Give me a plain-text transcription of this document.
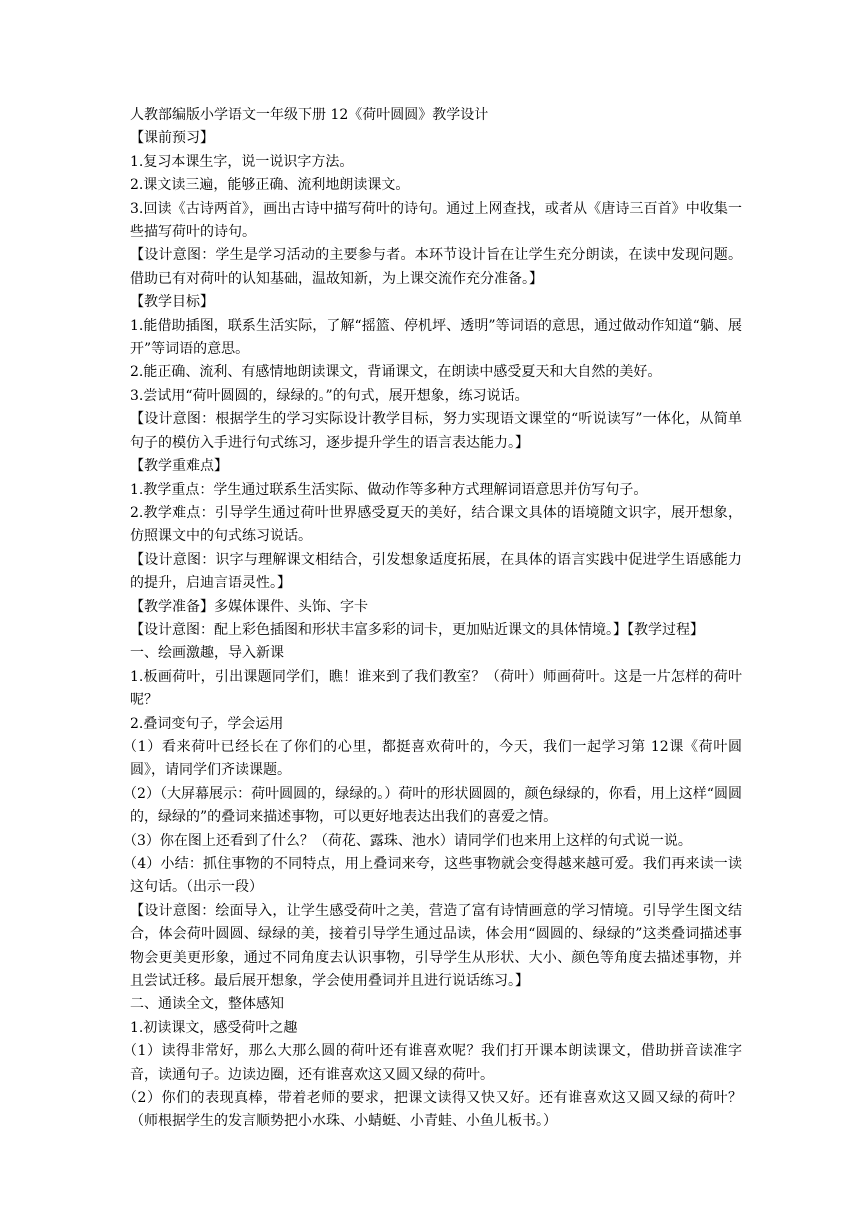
人教部编版小学语文一年级下册 12《荷叶圆圆》教学设计

【课前预习】

1.复习本课生字，说一说识字方法。

2.课文读三遍，能够正确、流利地朗读课文。

3.回读《古诗两首》，画出古诗中描写荷叶的诗句。通过上网查找，或者从《唐诗三百首》中收集一些描写荷叶的诗句。

【设计意图：学生是学习活动的主要参与者。本环节设计旨在让学生充分朗读，在读中发现问题。借助已有对荷叶的认知基础，温故知新，为上课交流作充分准备。】

【教学目标】

1.能借助插图，联系生活实际，了解“摇篮、停机坪、透明”等词语的意思，通过做动作知道“躺、展开”等词语的意思。

2.能正确、流利、有感情地朗读课文，背诵课文，在朗读中感受夏天和大自然的美好。

3.尝试用“荷叶圆圆的，绿绿的。”的句式，展开想象，练习说话。

【设计意图：根据学生的学习实际设计教学目标，努力实现语文课堂的“听说读写”一体化，从简单句子的模仿入手进行句式练习，逐步提升学生的语言表达能力。】

【教学重难点】

1.教学重点：学生通过联系生活实际、做动作等多种方式理解词语意思并仿写句子。

2.教学难点：引导学生通过荷叶世界感受夏天的美好，结合课文具体的语境随文识字，展开想象，仿照课文中的句式练习说话。

【设计意图：识字与理解课文相结合，引发想象适度拓展，在具体的语言实践中促进学生语感能力的提升，启迪言语灵性。】

【教学准备】多媒体课件、头饰、字卡

【设计意图：配上彩色插图和形状丰富多彩的词卡，更加贴近课文的具体情境。】【教学过程】

一、绘画激趣，导入新课

1.板画荷叶，引出课题同学们，瞧！谁来到了我们教室？（荷叶）师画荷叶。这是一片怎样的荷叶呢？

2.叠词变句子，学会运用

（1）看来荷叶已经长在了你们的心里，都挺喜欢荷叶的，今天，我们一起学习第 12课《荷叶圆圆》，请同学们齐读课题。

（2）（大屏幕展示：荷叶圆圆的，绿绿的。）荷叶的形状圆圆的，颜色绿绿的，你看，用上这样“圆圆的，绿绿的”的叠词来描述事物，可以更好地表达出我们的喜爱之情。

（3）你在图上还看到了什么？（荷花、露珠、池水）请同学们也来用上这样的句式说一说。

（4）小结：抓住事物的不同特点，用上叠词来夸，这些事物就会变得越来越可爱。我们再来读一读这句话。（出示一段）

【设计意图：绘面导入，让学生感受荷叶之美，营造了富有诗情画意的学习情境。引导学生图文结合，体会荷叶圆圆、绿绿的美，接着引导学生通过品读，体会用“圆圆的、绿绿的”这类叠词描述事物会更美更形象，通过不同角度去认识事物，引导学生从形状、大小、颜色等角度去描述事物，并且尝试迁移。最后展开想象，学会使用叠词并且进行说话练习。】

二、通读全文，整体感知

1.初读课文，感受荷叶之趣

（1）读得非常好，那么大那么圆的荷叶还有谁喜欢呢？我们打开课本朗读课文，借助拼音读准字音，读通句子。边读边圈，还有谁喜欢这又圆又绿的荷叶。

（2）你们的表现真棒，带着老师的要求，把课文读得又快又好。还有谁喜欢这又圆又绿的荷叶？（师根据学生的发言顺势把小水珠、小蜻蜓、小青蛙、小鱼儿板书。）
